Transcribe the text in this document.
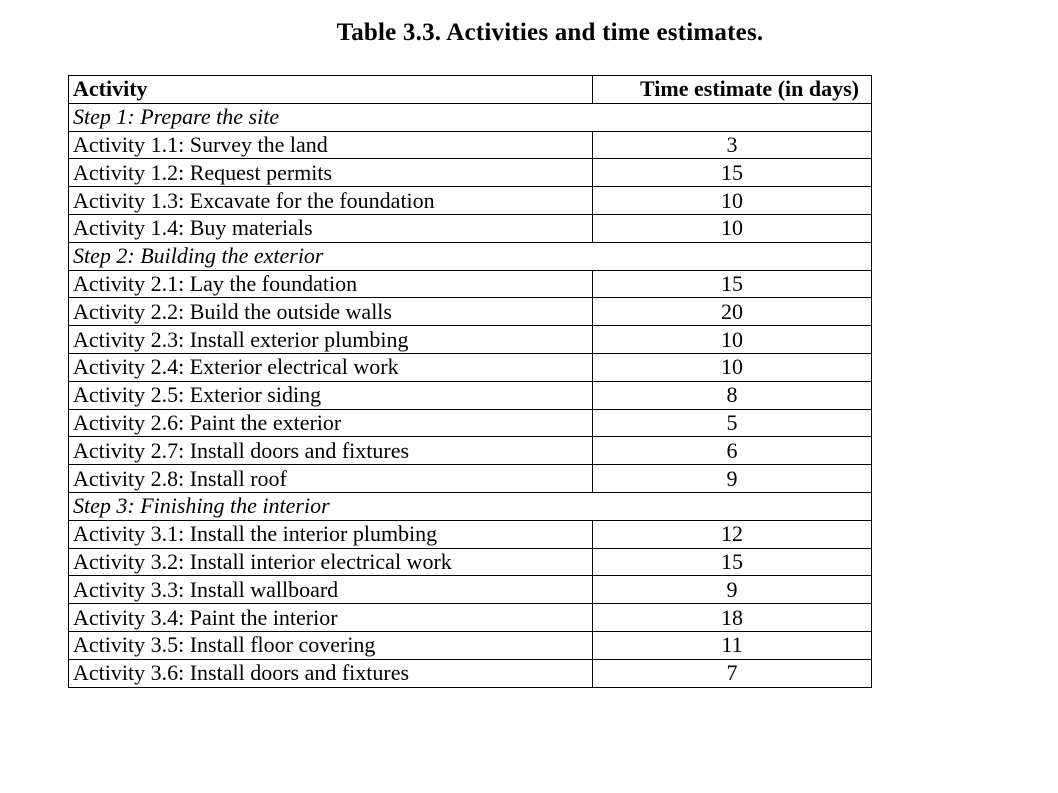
Table 3.3. Activities and time estimates.
Activity	Time estimate (in days)
Step 1: Prepare the site	
Activity 1.1: Survey the land	3
Activity 1.2: Request permits	15
Activity 1.3: Excavate for the foundation	10
Activity 1.4: Buy materials	10
Step 2: Building the exterior	
Activity 2.1: Lay the foundation	15
Activity 2.2: Build the outside walls	20
Activity 2.3: Install exterior plumbing	10
Activity 2.4: Exterior electrical work	10
Activity 2.5: Exterior siding	8
Activity 2.6: Paint the exterior	5
Activity 2.7: Install doors and fixtures	6
Activity 2.8: Install roof	9
Step 3: Finishing the interior	
Activity 3.1: Install the interior plumbing	12
Activity 3.2: Install interior electrical work	15
Activity 3.3: Install wallboard	9
Activity 3.4: Paint the interior	18
Activity 3.5: Install floor covering	11
Activity 3.6: Install doors and fixtures	7
